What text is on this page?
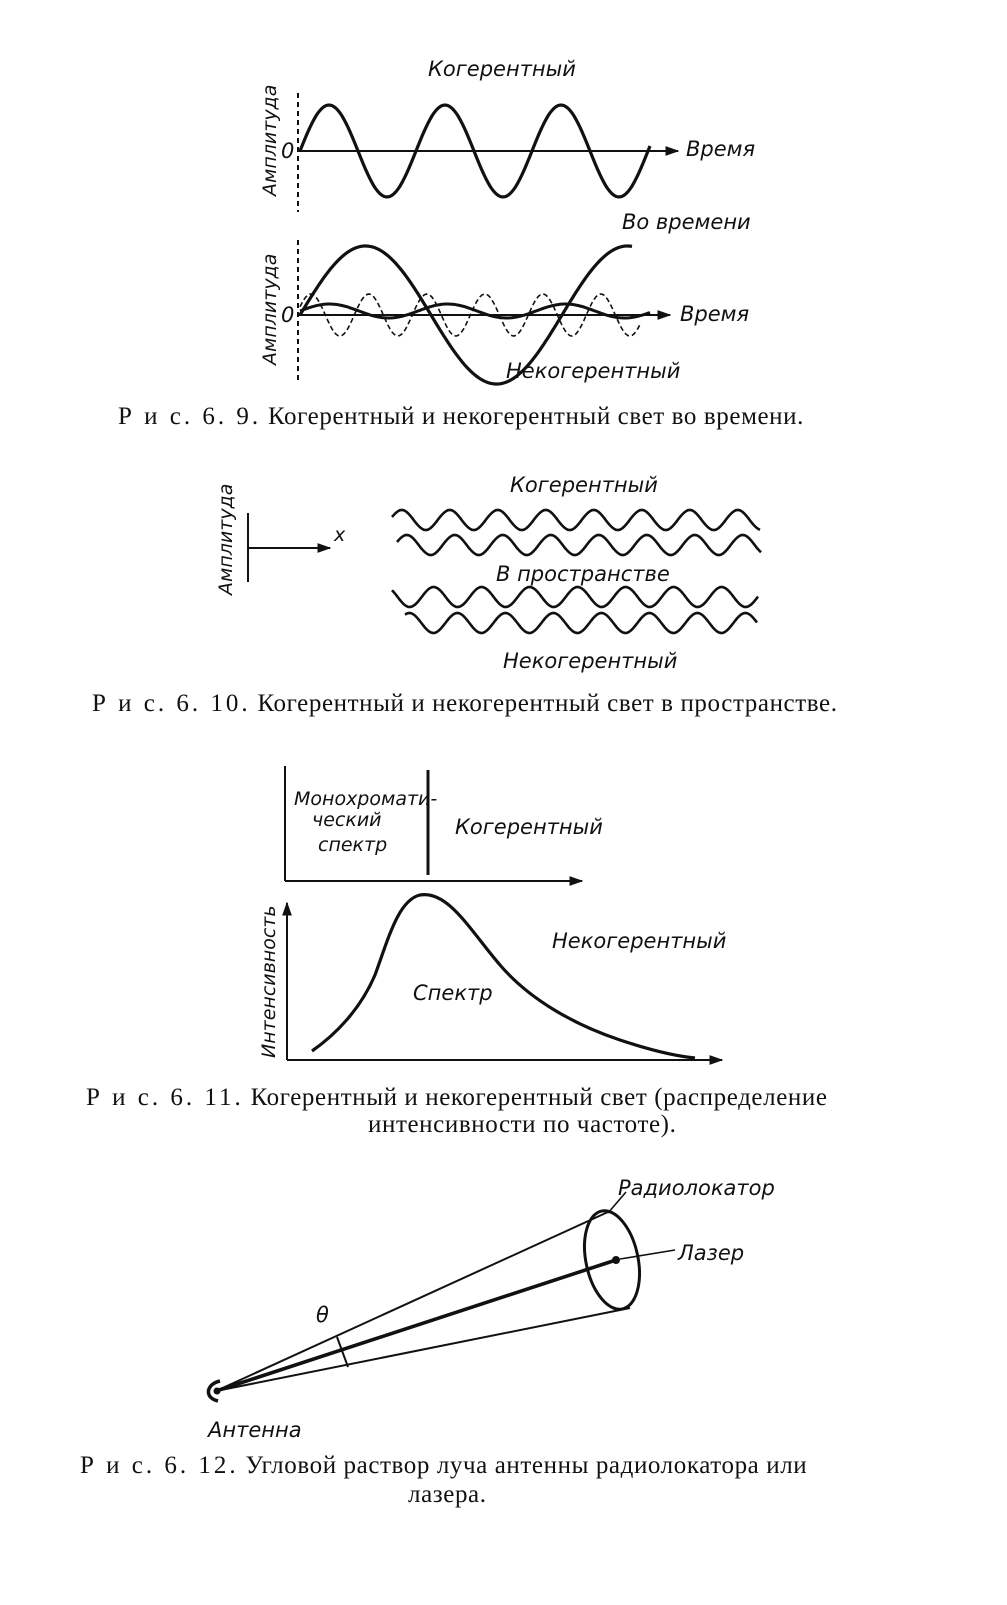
Когерентный
Амплитуда 0	Время
Во времени
Амплитуда 0	Время
Некогерентный
Амплитуда	x
Когерентный
В пространстве
Некогерентный
Монохромати-
ческий
спектр
Когерентный
Интенсивность	Некогерентный
Спектр
Радиолокатор
Лазер
θ
Антенна
Р и с. 6. 9. Когерентный и некогерентный свет во времени.
Р и с. 6. 10. Когерентный и некогерентный свет в пространстве.
Р и с. 6. 11. Когерентный и некогерентный свет (распределение
интенсивности по частоте).
Р и с. 6. 12. Угловой раствор луча антенны радиолокатора или
лазера.
